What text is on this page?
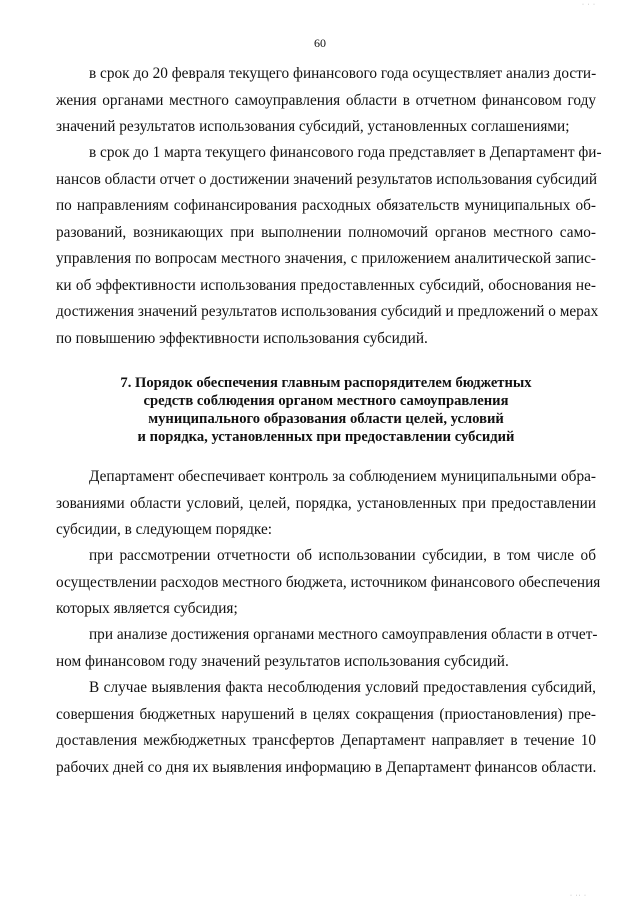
60
в срок до 20 февраля текущего финансового года осуществляет анализ дости-
жения органами местного самоуправления области в отчетном финансовом году
значений результатов использования субсидий, установленных соглашениями;
в срок до 1 марта текущего финансового года представляет в Департамент фи-
нансов области отчет о достижении значений результатов использования субсидий
по направлениям софинансирования расходных обязательств муниципальных об-
разований, возникающих при выполнении полномочий органов местного само-
управления по вопросам местного значения, с приложением аналитической запис-
ки об эффективности использования предоставленных субсидий, обоснования не-
достижения значений результатов использования субсидий и предложений о мерах
по повышению эффективности использования субсидий.
7. Порядок обеспечения главным распорядителем бюджетных
средств соблюдения органом местного самоуправления
муниципального образования области целей, условий
и порядка, установленных при предоставлении субсидий
Департамент обеспечивает контроль за соблюдением муниципальными обра-
зованиями области условий, целей, порядка, установленных при предоставлении
субсидии, в следующем порядке:
при рассмотрении отчетности об использовании субсидии, в том числе об
осуществлении расходов местного бюджета, источником финансового обеспечения
которых является субсидия;
при анализе достижения органами местного самоуправления области в отчет-
ном финансовом году значений результатов использования субсидий.
В случае выявления факта несоблюдения условий предоставления субсидий,
совершения бюджетных нарушений в целях сокращения (приостановления) пре-
доставления межбюджетных трансфертов Департамент направляет в течение 10
рабочих дней со дня их выявления информацию в Департамент финансов области.
· · ·
· ·· ·
